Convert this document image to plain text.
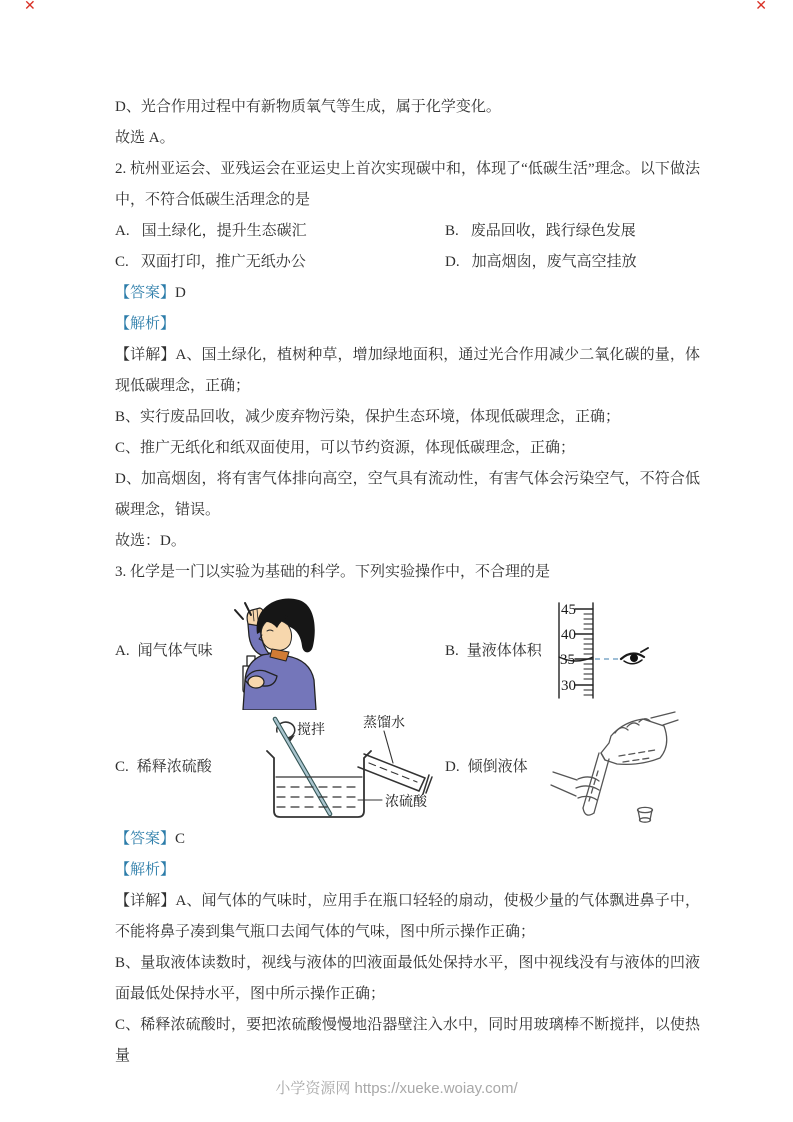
✕	✕

D、光合作用过程中有新物质氧气等生成，属于化学变化。

故选 A。

2. 杭州亚运会、亚残运会在亚运史上首次实现碳中和，体现了“低碳生活”理念。以下做法中，不符合低碳生活理念的是

A. 国土绿化，提升生态碳汇	B. 废品回收，践行绿色发展
C. 双面打印，推广无纸办公	D. 加高烟囱，废气高空挂放

【答案】D

【解析】

【详解】A、国土绿化，植树种草，增加绿地面积，通过光合作用减少二氧化碳的量，体现低碳理念，正确；

B、实行废品回收，减少废弃物污染，保护生态环境，体现低碳理念，正确；

C、推广无纸化和纸双面使用，可以节约资源，体现低碳理念，正确；

D、加高烟囱，将有害气体排向高空，空气具有流动性，有害气体会污染空气，不符合低碳理念，错误。

故选：D。

3. 化学是一门以实验为基础的科学。下列实验操作中，不合理的是

A. 闻气体气味	B. 量液体体积
45
40
35
30
C. 稀释浓硫酸
搅拌	蒸馏水
浓硫酸
D. 倾倒液体

【答案】C

【解析】

【详解】A、闻气体的气味时，应用手在瓶口轻轻的扇动，使极少量的气体飘进鼻子中，不能将鼻子凑到集气瓶口去闻气体的气味，图中所示操作正确；

B、量取液体读数时，视线与液体的凹液面最低处保持水平，图中视线没有与液体的凹液面最低处保持水平，图中所示操作正确；

C、稀释浓硫酸时，要把浓硫酸慢慢地沿器壁注入水中，同时用玻璃棒不断搅拌，以使热量

小学资源网 https://xueke.woiay.com/
